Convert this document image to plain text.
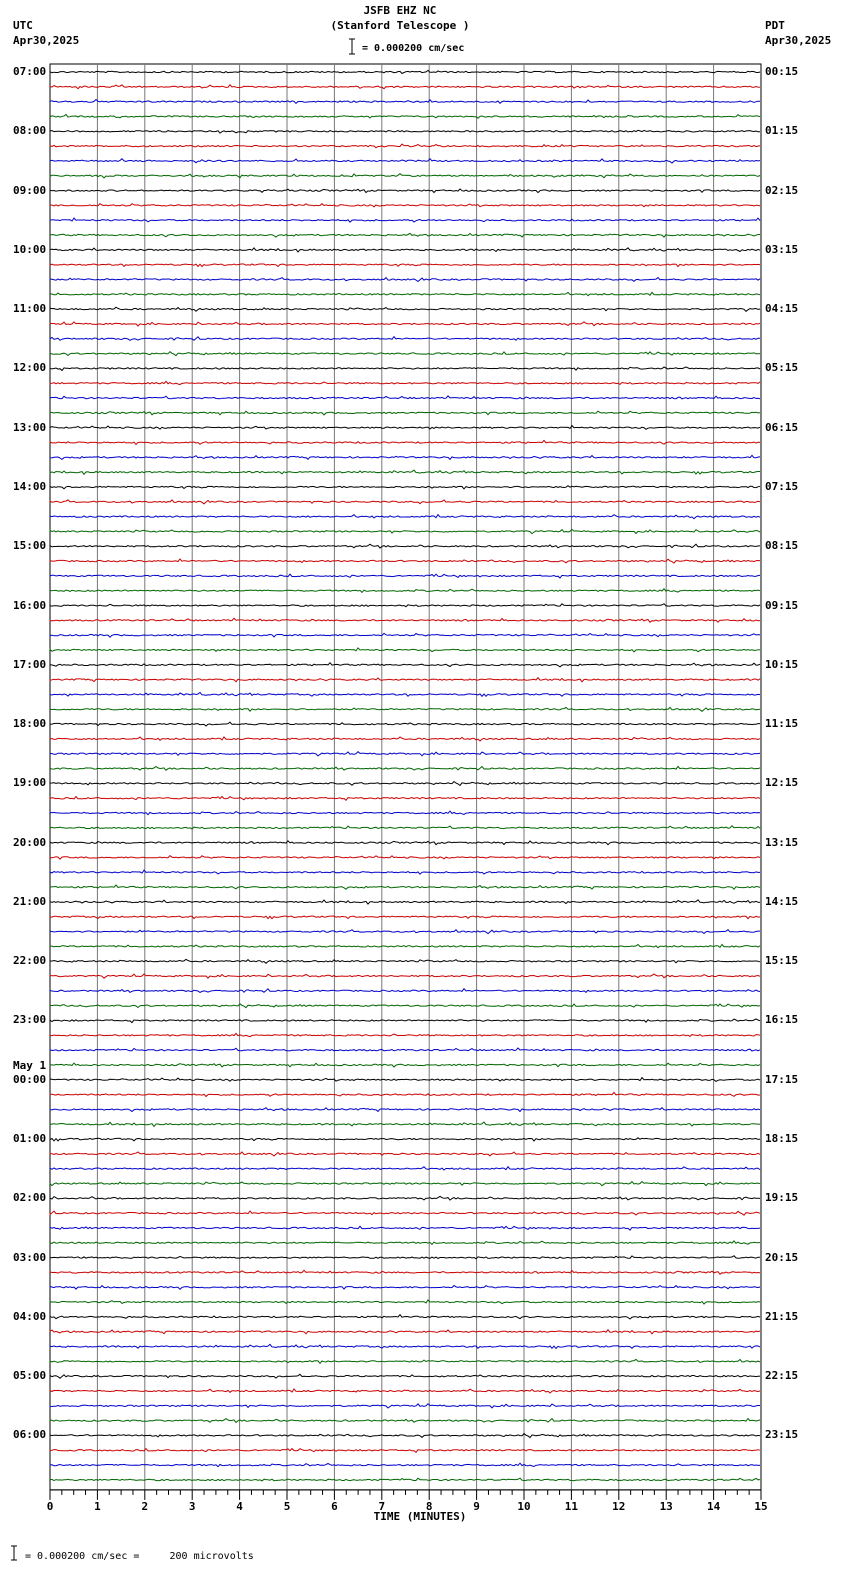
0	1	2	3	4	5	6	7	8	9	10	11	12	13	14	15
JSFB EHZ NC
(Stanford Telescope )
= 0.000200 cm/sec
UTC
Apr30,2025
PDT
Apr30,2025
07:00
08:00
09:00
10:00
11:00
12:00
13:00
14:00
15:00
16:00
17:00
18:00
19:00
20:00
21:00
22:00
23:00
00:00
May 1
01:00
02:00
03:00
04:00
05:00
06:00
00:15
01:15
02:15
03:15
04:15
05:15
06:15
07:15
08:15
09:15
10:15
11:15
12:15
13:15
14:15
15:15
16:15
17:15
18:15
19:15
20:15
21:15
22:15
23:15
TIME (MINUTES)
= 0.000200 cm/sec =     200 microvolts
